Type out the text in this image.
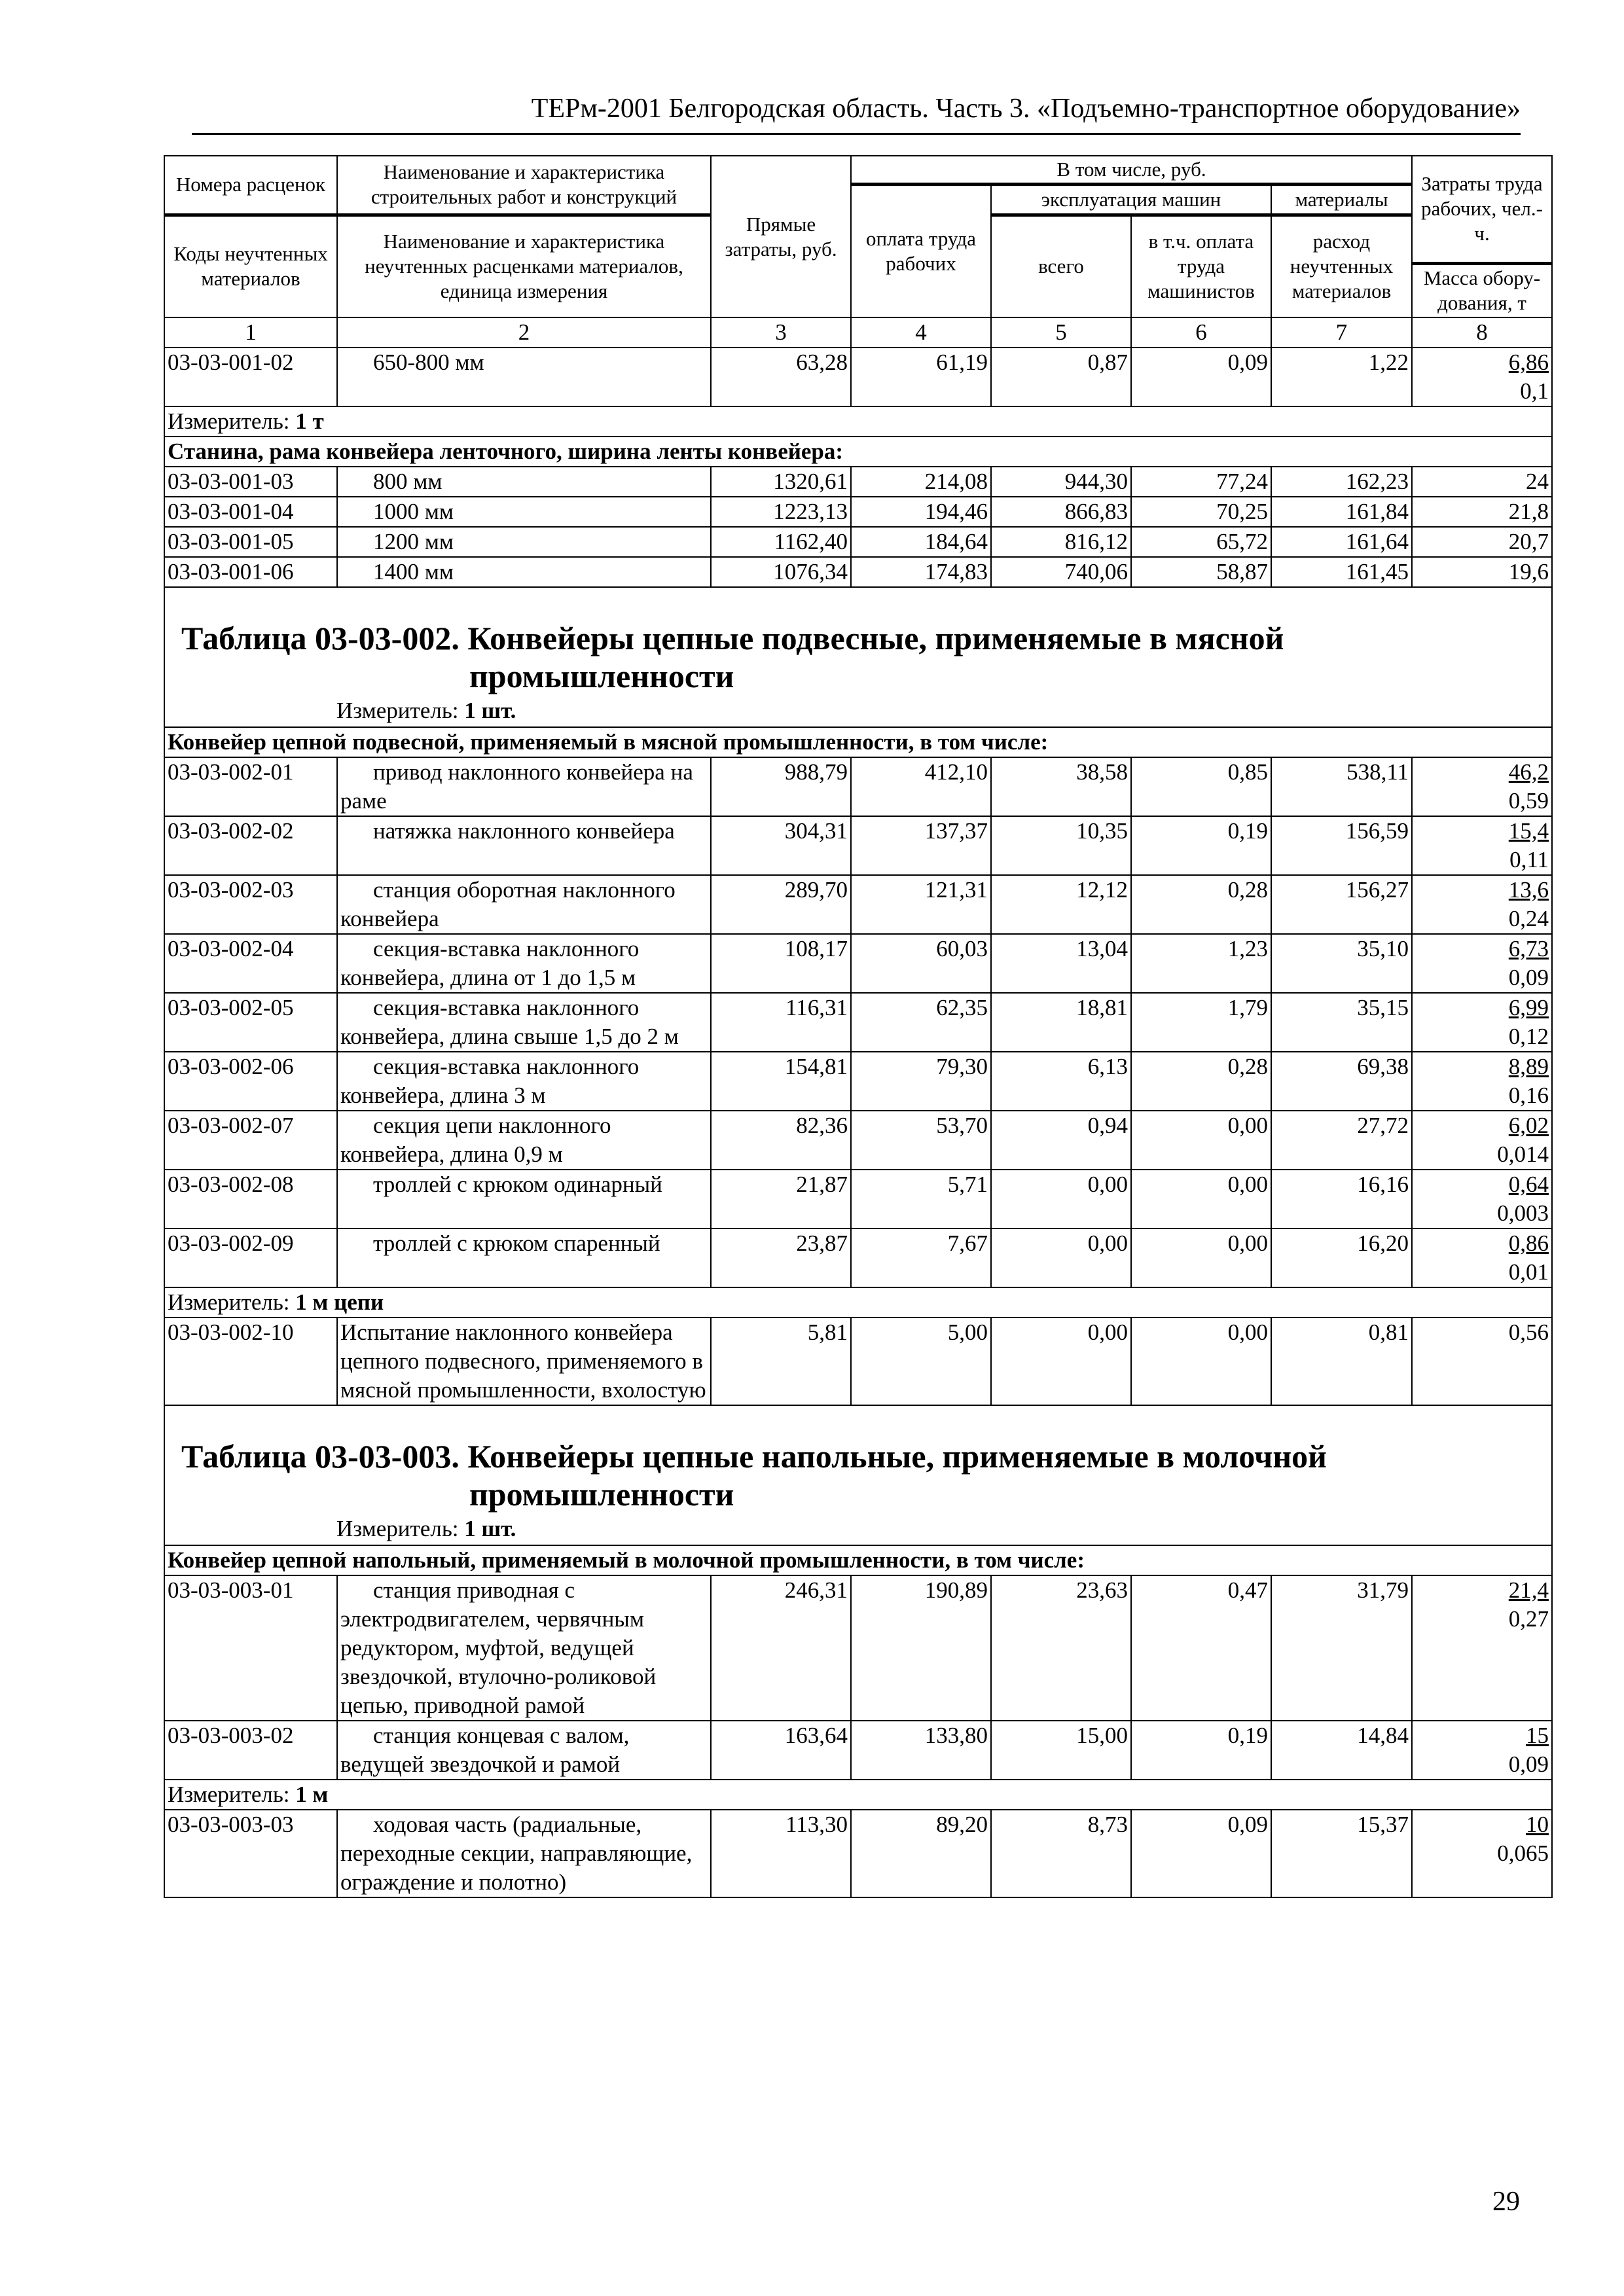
ТЕРм-2001 Белгородская область. Часть 3. «Подъемно-транспортное оборудование»
Номера расценок	Наименование и характеристика строительных работ и конструкций	Прямые затраты, руб.	В том числе, руб.				Затраты труда рабочих, чел.-ч.
			оплата труда рабочих	эксплуатация машин		материалы	
Коды неучтенных материалов	Наименование и характеристика неучтенных расценками материалов, единица измерения			всего	в т.ч. оплата труда машинистов	расход неучтенных материалов	
							Масса обору-дования, т
1	2	3	4	5	6	7	8
03-03-001-02	650-800 мм	63,28	61,19	0,87	0,09	1,22	6,86
0,1

Измеритель: 1 т							
Станина, рама конвейера ленточного, ширина ленты конвейера:							
03-03-001-03	800 мм	1320,61	214,08	944,30	77,24	162,23	24

03-03-001-04	1000 мм	1223,13	194,46	866,83	70,25	161,84	21,8

03-03-001-05	1200 мм	1162,40	184,64	816,12	65,72	161,64	20,7

03-03-001-06	1400 мм	1076,34	174,83	740,06	58,87	161,45	19,6

Таблица 03-03-002. Конвейеры цепные подвесные, применяемые в мясной
промышленности
Измеритель: 1 шт.							

Конвейер цепной подвесной, применяемый в мясной промышленности, в том числе:							
03-03-002-01	привод наклонного конвейера на раме	988,79	412,10	38,58	0,85	538,11	46,2
0,59

03-03-002-02	натяжка наклонного конвейера	304,31	137,37	10,35	0,19	156,59	15,4
0,11

03-03-002-03	станция оборотная наклонного конвейера	289,70	121,31	12,12	0,28	156,27	13,6
0,24

03-03-002-04	секция-вставка наклонного конвейера, длина от 1 до 1,5 м	108,17	60,03	13,04	1,23	35,10	6,73
0,09

03-03-002-05	секция-вставка наклонного конвейера, длина свыше 1,5 до 2 м	116,31	62,35	18,81	1,79	35,15	6,99
0,12

03-03-002-06	секция-вставка наклонного конвейера, длина 3 м	154,81	79,30	6,13	0,28	69,38	8,89
0,16

03-03-002-07	секция цепи наклонного конвейера, длина 0,9 м	82,36	53,70	0,94	0,00	27,72	6,02
0,014

03-03-002-08	троллей с крюком одинарный	21,87	5,71	0,00	0,00	16,16	0,64
0,003

03-03-002-09	троллей с крюком спаренный	23,87	7,67	0,00	0,00	16,20	0,86
0,01

Измеритель: 1 м цепи							
03-03-002-10	Испытание наклонного конвейера цепного подвесного, применяемого в мясной промышленности, вхолостую	5,81	5,00	0,00	0,00	0,81	0,56

Таблица 03-03-003. Конвейеры цепные напольные, применяемые в молочной
промышленности
Измеритель: 1 шт.							

Конвейер цепной напольный, применяемый в молочной промышленности, в том числе:							
03-03-003-01	станция приводная с электродвигателем, червячным редуктором, муфтой, ведущей звездочкой, втулочно-роликовой цепью, приводной рамой	246,31	190,89	23,63	0,47	31,79	21,4
0,27

03-03-003-02	станция концевая с валом, ведущей звездочкой и рамой	163,64	133,80	15,00	0,19	14,84	15
0,09

Измеритель: 1 м							
03-03-003-03	ходовая часть (радиальные, переходные секции, направляющие, ограждение и полотно)	113,30	89,20	8,73	0,09	15,37	10
0,065
29
